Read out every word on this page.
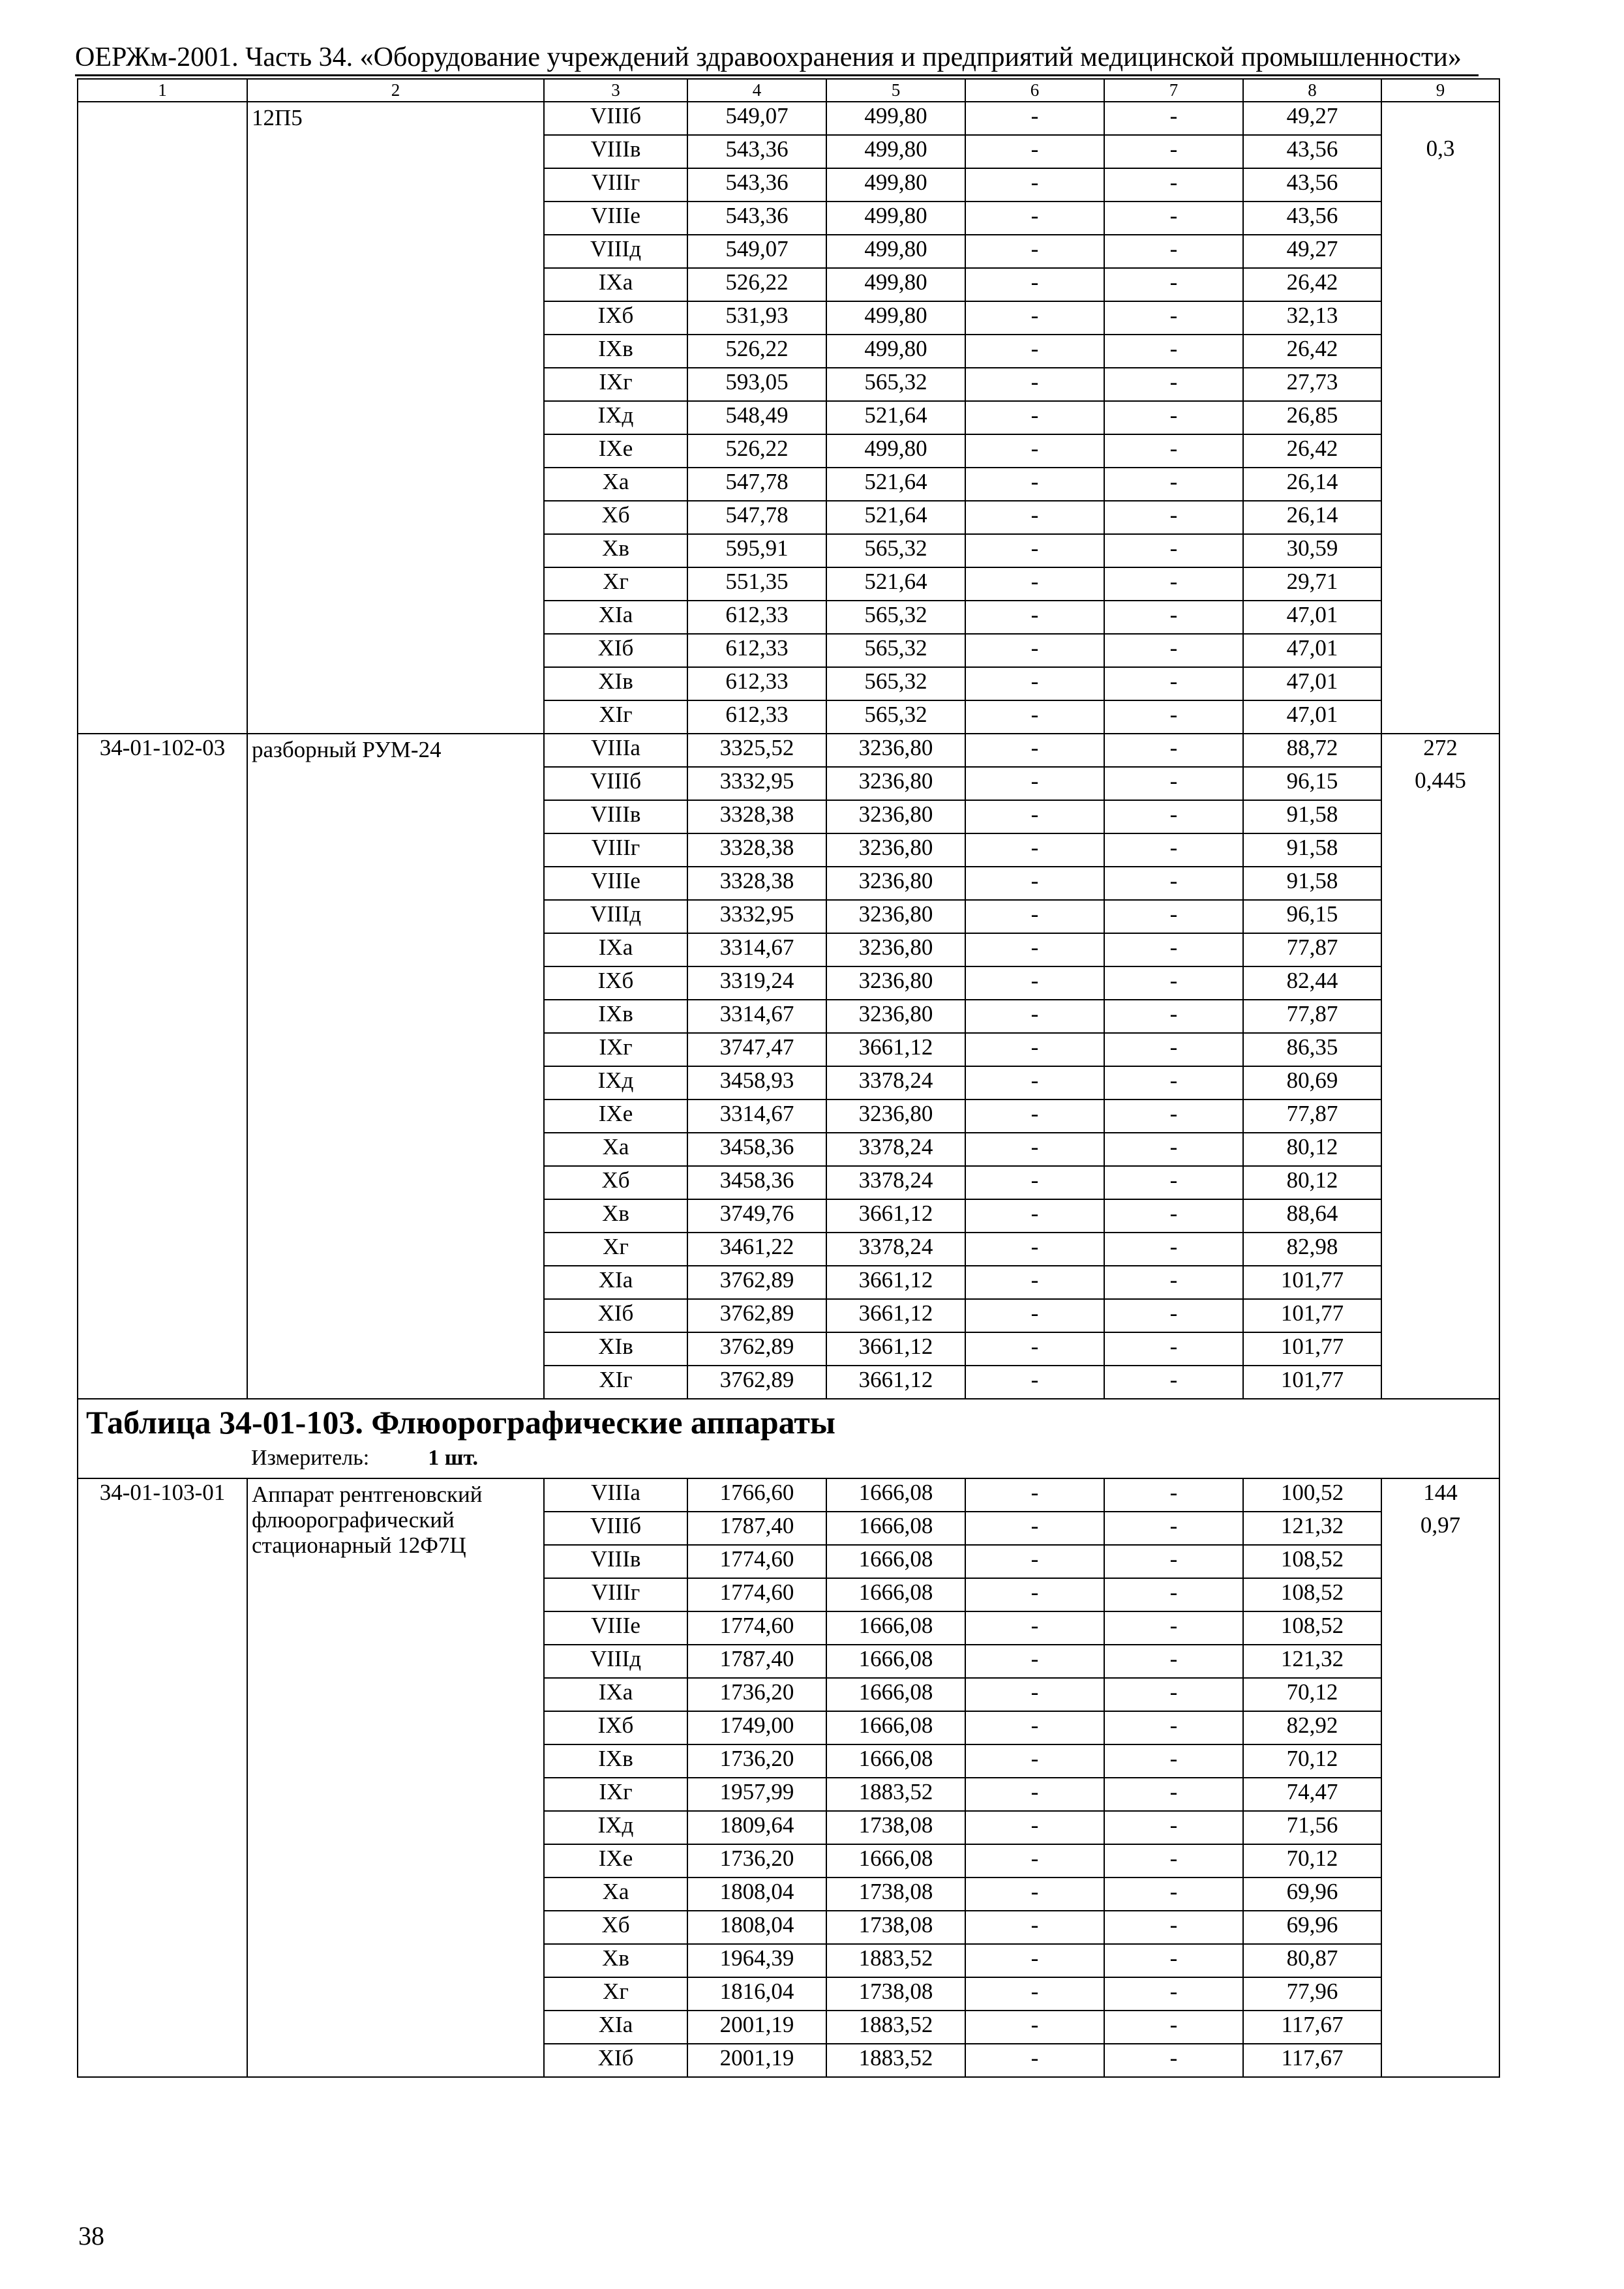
ОЕРЖм-2001. Часть 34. «Оборудование учреждений здравоохранения и предприятий медицинской промышленности»
1	2	3	4	5	6	7	8	9
	12П5	VIIIб	549,07	499,80	-	-	49,27	
		VIIIв	543,36	499,80	-	-	43,56	0,3
		VIIIг	543,36	499,80	-	-	43,56	
		VIIIе	543,36	499,80	-	-	43,56	
		VIIIд	549,07	499,80	-	-	49,27	
		IXа	526,22	499,80	-	-	26,42	
		IXб	531,93	499,80	-	-	32,13	
		IXв	526,22	499,80	-	-	26,42	
		IXг	593,05	565,32	-	-	27,73	
		IXд	548,49	521,64	-	-	26,85	
		IXе	526,22	499,80	-	-	26,42	
		Xа	547,78	521,64	-	-	26,14	
		Xб	547,78	521,64	-	-	26,14	
		Xв	595,91	565,32	-	-	30,59	
		Xг	551,35	521,64	-	-	29,71	
		XIа	612,33	565,32	-	-	47,01	
		XIб	612,33	565,32	-	-	47,01	
		XIв	612,33	565,32	-	-	47,01	
		XIг	612,33	565,32	-	-	47,01	
34-01-102-03	разборный РУМ-24	VIIIа	3325,52	3236,80	-	-	88,72	272
		VIIIб	3332,95	3236,80	-	-	96,15	0,445
		VIIIв	3328,38	3236,80	-	-	91,58	
		VIIIг	3328,38	3236,80	-	-	91,58	
		VIIIе	3328,38	3236,80	-	-	91,58	
		VIIIд	3332,95	3236,80	-	-	96,15	
		IXа	3314,67	3236,80	-	-	77,87	
		IXб	3319,24	3236,80	-	-	82,44	
		IXв	3314,67	3236,80	-	-	77,87	
		IXг	3747,47	3661,12	-	-	86,35	
		IXд	3458,93	3378,24	-	-	80,69	
		IXе	3314,67	3236,80	-	-	77,87	
		Xа	3458,36	3378,24	-	-	80,12	
		Xб	3458,36	3378,24	-	-	80,12	
		Xв	3749,76	3661,12	-	-	88,64	
		Xг	3461,22	3378,24	-	-	82,98	
		XIа	3762,89	3661,12	-	-	101,77	
		XIб	3762,89	3661,12	-	-	101,77	
		XIв	3762,89	3661,12	-	-	101,77	
		XIг	3762,89	3661,12	-	-	101,77	

Таблица 34-01-103. Флюорографические аппараты
Измеритель: 1 шт.								

34-01-103-01	Аппарат рентгеновский флюорографический стационарный 12Ф7Ц	VIIIа	1766,60	1666,08	-	-	100,52	144
		VIIIб	1787,40	1666,08	-	-	121,32	0,97
		VIIIв	1774,60	1666,08	-	-	108,52	
		VIIIг	1774,60	1666,08	-	-	108,52	
		VIIIе	1774,60	1666,08	-	-	108,52	
		VIIIд	1787,40	1666,08	-	-	121,32	
		IXа	1736,20	1666,08	-	-	70,12	
		IXб	1749,00	1666,08	-	-	82,92	
		IXв	1736,20	1666,08	-	-	70,12	
		IXг	1957,99	1883,52	-	-	74,47	
		IXд	1809,64	1738,08	-	-	71,56	
		IXе	1736,20	1666,08	-	-	70,12	
		Xа	1808,04	1738,08	-	-	69,96	
		Xб	1808,04	1738,08	-	-	69,96	
		Xв	1964,39	1883,52	-	-	80,87	
		Xг	1816,04	1738,08	-	-	77,96	
		XIа	2001,19	1883,52	-	-	117,67	
		XIб	2001,19	1883,52	-	-	117,67	
38
